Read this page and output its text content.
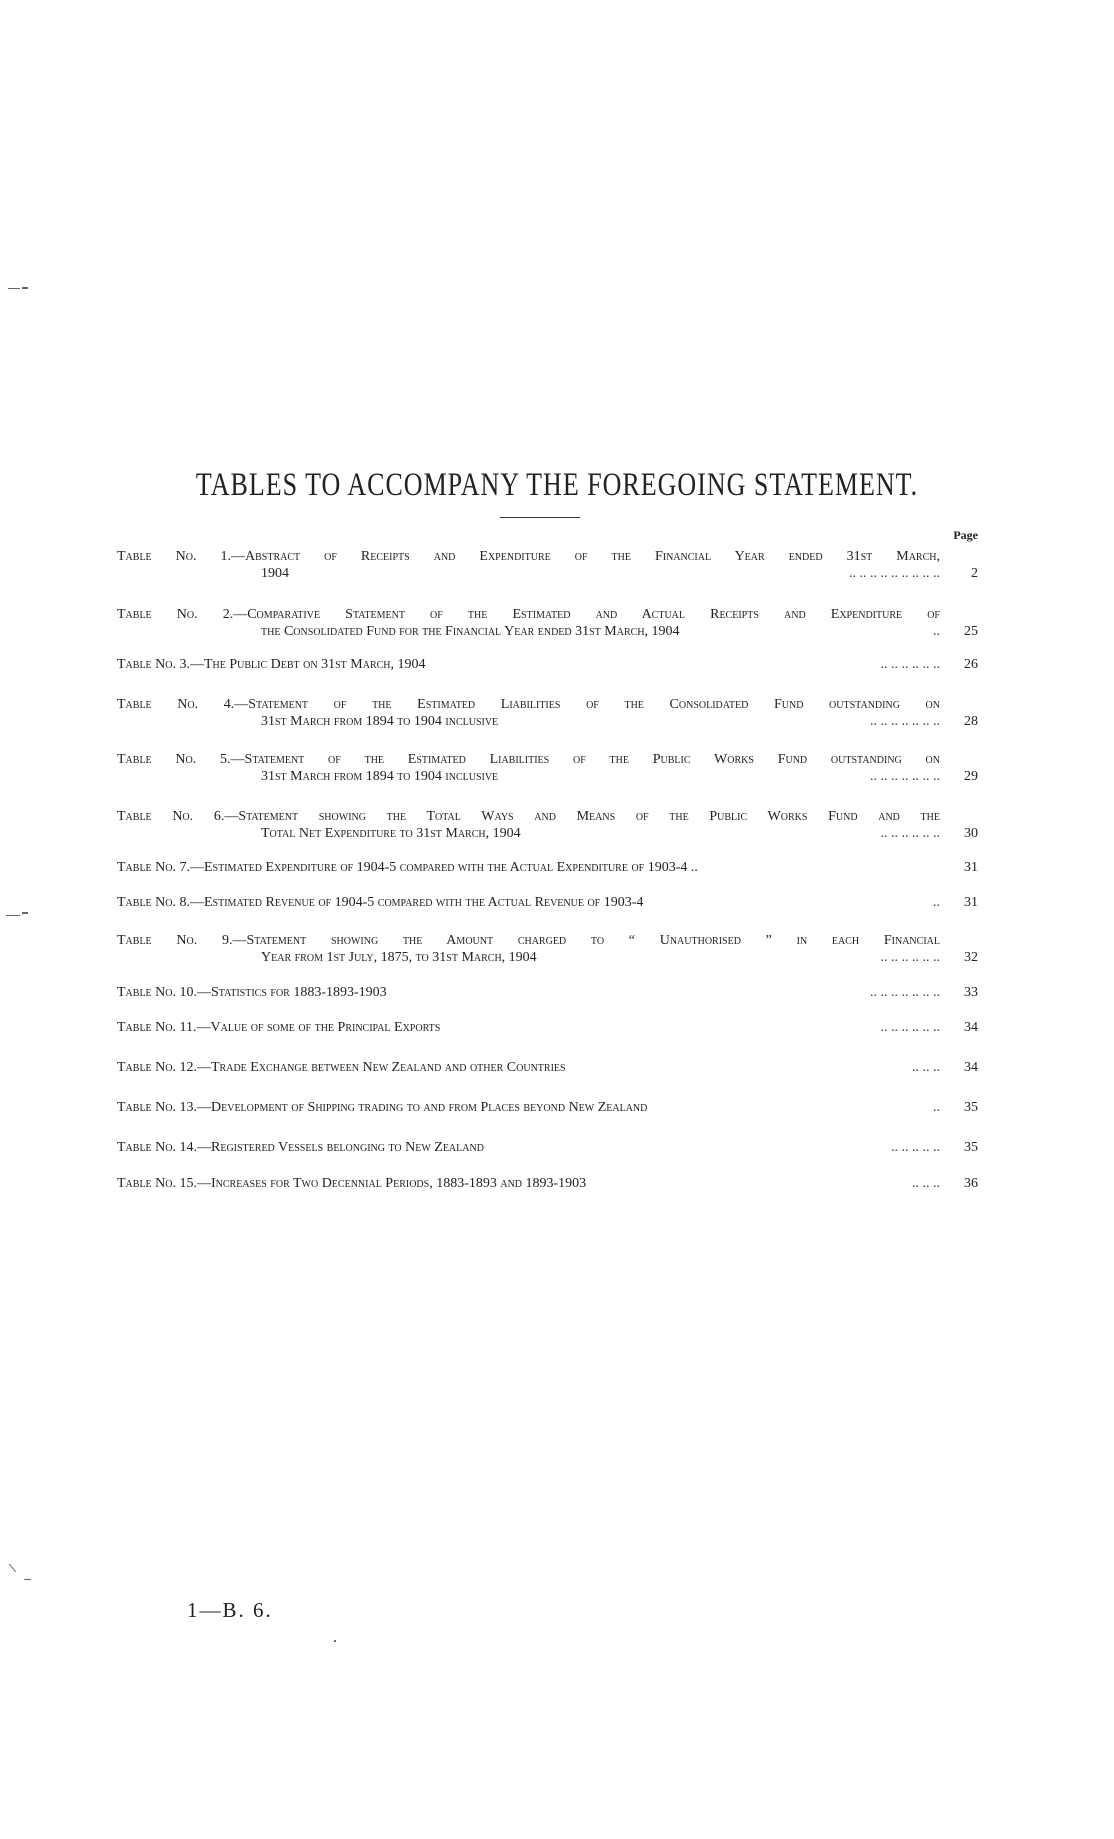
TABLES TO ACCOMPANY THE FOREGOING STATEMENT.
Page
Table No. 1.—Abstract of Receipts and Expenditure of the Financial Year ended 31st March,
1904	.. .. .. .. .. .. .. .. ..	2
Table No. 2.—Comparative Statement of the Estimated and Actual Receipts and Expenditure of
the Consolidated Fund for the Financial Year ended 31st March, 1904	..	25
Table No. 3.—The Public Debt on 31st March, 1904	.. .. .. .. .. ..	26
Table No. 4.—Statement of the Estimated Liabilities of the Consolidated Fund outstanding on
31st March from 1894 to 1904 inclusive	.. .. .. .. .. .. ..	28
Table No. 5.—Statement of the Estimated Liabilities of the Public Works Fund outstanding on
31st March from 1894 to 1904 inclusive	.. .. .. .. .. .. ..	29
Table No. 6.—Statement showing the Total Ways and Means of the Public Works Fund and the
Total Net Expenditure to 31st March, 1904	.. .. .. .. .. ..	30
Table No. 7.—Estimated Expenditure of 1904-5 compared with the Actual Expenditure of 1903-4 ..	31
Table No. 8.—Estimated Revenue of 1904-5 compared with the Actual Revenue of 1903-4	..	31
Table No. 9.—Statement showing the Amount charged to “ Unauthorised ” in each Financial
Year from 1st July, 1875, to 31st March, 1904	.. .. .. .. .. ..	32
Table No. 10.—Statistics for 1883-1893-1903	.. .. .. .. .. .. ..	33
Table No. 11.—Value of some of the Principal Exports	.. .. .. .. .. ..	34
Table No. 12.—Trade Exchange between New Zealand and other Countries	.. .. ..	34
Table No. 13.—Development of Shipping trading to and from Places beyond New Zealand	..	35
Table No. 14.—Registered Vessels belonging to New Zealand	.. .. .. .. ..	35
Table No. 15.—Increases for Two Decennial Periods, 1883-1893 and 1893-1903	.. .. ..	36
1—B. 6.
